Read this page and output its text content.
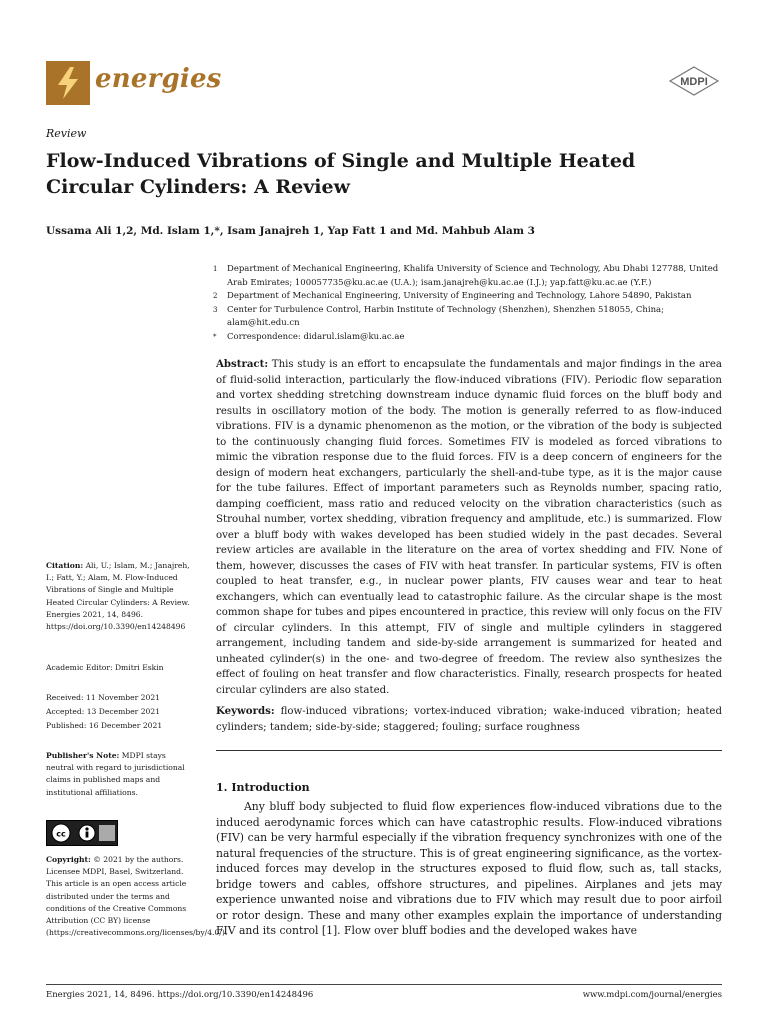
energies	MDPI
Review
Flow-Induced Vibrations of Single and Multiple Heated Circular Cylinders: A Review
Ussama Ali 1,2, Md. Islam 1,*, Isam Janajreh 1, Yap Fatt 1 and Md. Mahbub Alam 3
1	Department of Mechanical Engineering, Khalifa University of Science and Technology, Abu Dhabi 127788, United Arab Emirates; 100057735@ku.ac.ae (U.A.); isam.janajreh@ku.ac.ae (I.J.); yap.fatt@ku.ac.ae (Y.F.)
2	Department of Mechanical Engineering, University of Engineering and Technology, Lahore 54890, Pakistan
3	Center for Turbulence Control, Harbin Institute of Technology (Shenzhen), Shenzhen 518055, China; alam@hit.edu.cn
*	Correspondence: didarul.islam@ku.ac.ae
Abstract: This study is an effort to encapsulate the fundamentals and major findings in the area of fluid-solid interaction, particularly the flow-induced vibrations (FIV). Periodic flow separation and vortex shedding stretching downstream induce dynamic fluid forces on the bluff body and results in oscillatory motion of the body. The motion is generally referred to as flow-induced vibrations. FIV is a dynamic phenomenon as the motion, or the vibration of the body is subjected to the continuously changing fluid forces. Sometimes FIV is modeled as forced vibrations to mimic the vibration response due to the fluid forces. FIV is a deep concern of engineers for the design of modern heat exchangers, particularly the shell-and-tube type, as it is the major cause for the tube failures. Effect of important parameters such as Reynolds number, spacing ratio, damping coefficient, mass ratio and reduced velocity on the vibration characteristics (such as Strouhal number, vortex shedding, vibration frequency and amplitude, etc.) is summarized. Flow over a bluff body with wakes developed has been studied widely in the past decades. Several review articles are available in the literature on the area of vortex shedding and FIV. None of them, however, discusses the cases of FIV with heat transfer. In particular systems, FIV is often coupled to heat transfer, e.g., in nuclear power plants, FIV causes wear and tear to heat exchangers, which can eventually lead to catastrophic failure. As the circular shape is the most common shape for tubes and pipes encountered in practice, this review will only focus on the FIV of circular cylinders. In this attempt, FIV of single and multiple cylinders in staggered arrangement, including tandem and side-by-side arrangement is summarized for heated and unheated cylinder(s) in the one- and two-degree of freedom. The review also synthesizes the effect of fouling on heat transfer and flow characteristics. Finally, research prospects for heated circular cylinders are also stated.
Keywords: flow-induced vibrations; vortex-induced vibration; wake-induced vibration; heated cylinders; tandem; side-by-side; staggered; fouling; surface roughness
1. Introduction
Any bluff body subjected to fluid flow experiences flow-induced vibrations due to the induced aerodynamic forces which can have catastrophic results. Flow-induced vibrations (FIV) can be very harmful especially if the vibration frequency synchronizes with one of the natural frequencies of the structure. This is of great engineering significance, as the vortex-induced forces may develop in the structures exposed to fluid flow, such as, tall stacks, bridge towers and cables, offshore structures, and pipelines. Airplanes and jets may experience unwanted noise and vibrations due to FIV which may result due to poor airfoil or rotor design. These and many other examples explain the importance of understanding FIV and its control [1]. Flow over bluff bodies and the developed wakes have
Citation: Ali, U.; Islam, M.; Janajreh, I.; Fatt, Y.; Alam, M. Flow-Induced Vibrations of Single and Multiple Heated Circular Cylinders: A Review. Energies 2021, 14, 8496. https://doi.org/10.3390/en14248496
Academic Editor: Dmitri Eskin
Received: 11 November 2021
Accepted: 13 December 2021
Published: 16 December 2021
Publisher's Note: MDPI stays neutral with regard to jurisdictional claims in published maps and institutional affiliations.
cc
Copyright: © 2021 by the authors. Licensee MDPI, Basel, Switzerland. This article is an open access article distributed under the terms and conditions of the Creative Commons Attribution (CC BY) license (https://creativecommons.org/licenses/by/4.0/).
Energies 2021, 14, 8496. https://doi.org/10.3390/en14248496	www.mdpi.com/journal/energies
